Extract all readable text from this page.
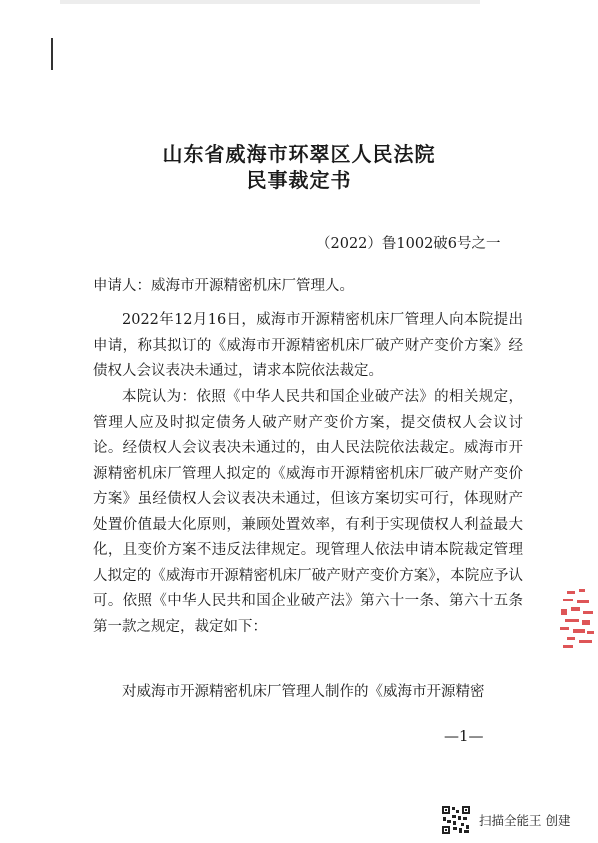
山东省威海市环翠区人民法院
民事裁定书
（2022）鲁1002破6号之一

申请人：威海市开源精密机床厂管理人。

2022年12月16日，威海市开源精密机床厂管理人向本院提出申请，称其拟订的《威海市开源精密机床厂破产财产变价方案》经债权人会议表决未通过，请求本院依法裁定。

本院认为：依照《中华人民共和国企业破产法》的相关规定，管理人应及时拟定债务人破产财产变价方案，提交债权人会议讨论。经债权人会议表决未通过的，由人民法院依法裁定。威海市开源精密机床厂管理人拟定的《威海市开源精密机床厂破产财产变价方案》虽经债权人会议表决未通过，但该方案切实可行，体现财产处置价值最大化原则，兼顾处置效率，有利于实现债权人利益最大化，且变价方案不违反法律规定。现管理人依法申请本院裁定管理人拟定的《威海市开源精密机床厂破产财产变价方案》，本院应予认可。依照《中华人民共和国企业破产法》第六十一条、第六十五条第一款之规定，裁定如下：

对威海市开源精密机床厂管理人制作的《威海市开源精密

—1—
扫描全能王 创建
